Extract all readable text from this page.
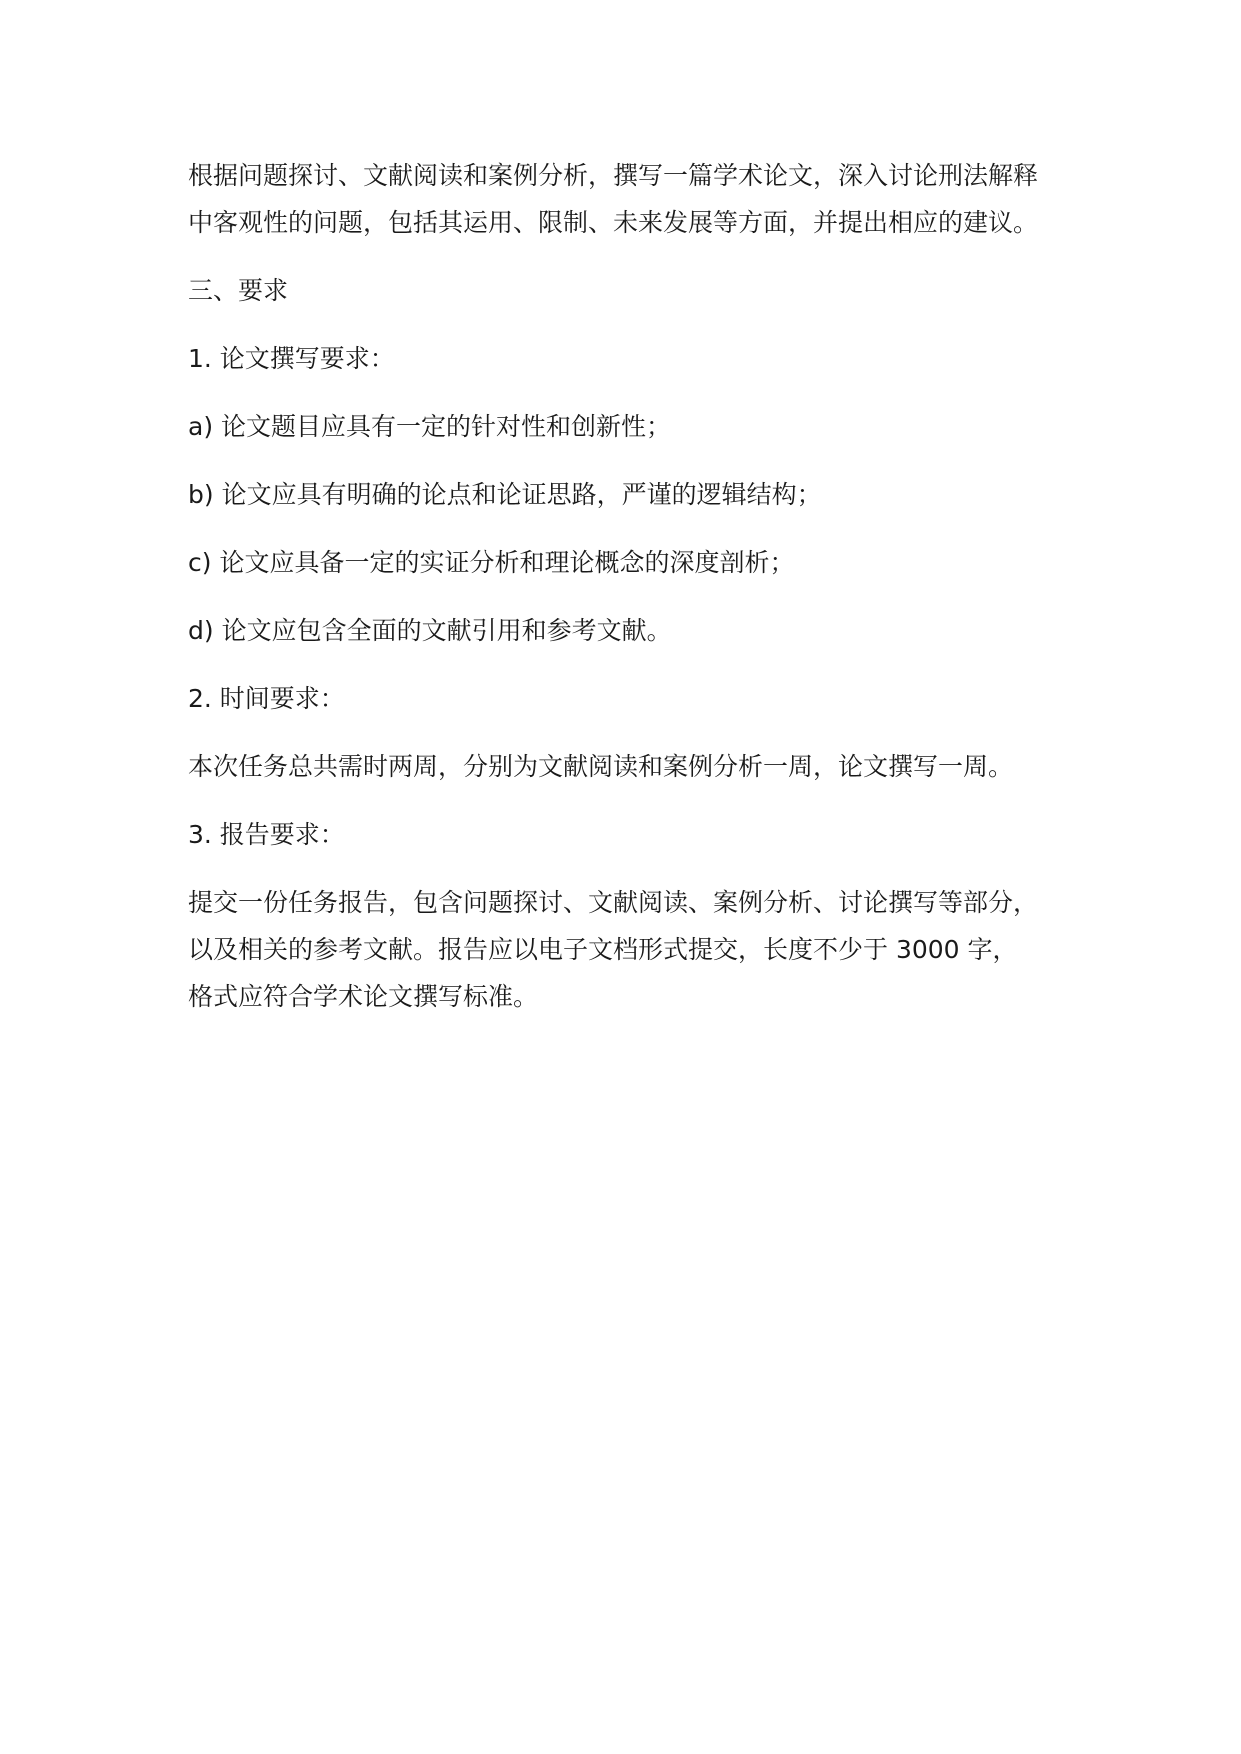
根据问题探讨、文献阅读和案例分析，撰写一篇学术论文，深入讨论刑法解释中客观性的问题，包括其运用、限制、未来发展等方面，并提出相应的建议。

三、要求

1. 论文撰写要求：

a) 论文题目应具有一定的针对性和创新性；

b) 论文应具有明确的论点和论证思路，严谨的逻辑结构；

c) 论文应具备一定的实证分析和理论概念的深度剖析；

d) 论文应包含全面的文献引用和参考文献。

2. 时间要求：

本次任务总共需时两周，分别为文献阅读和案例分析一周，论文撰写一周。

3. 报告要求：

提交一份任务报告，包含问题探讨、文献阅读、案例分析、讨论撰写等部分，以及相关的参考文献。报告应以电子文档形式提交，长度不少于 3000 字，格式应符合学术论文撰写标准。
